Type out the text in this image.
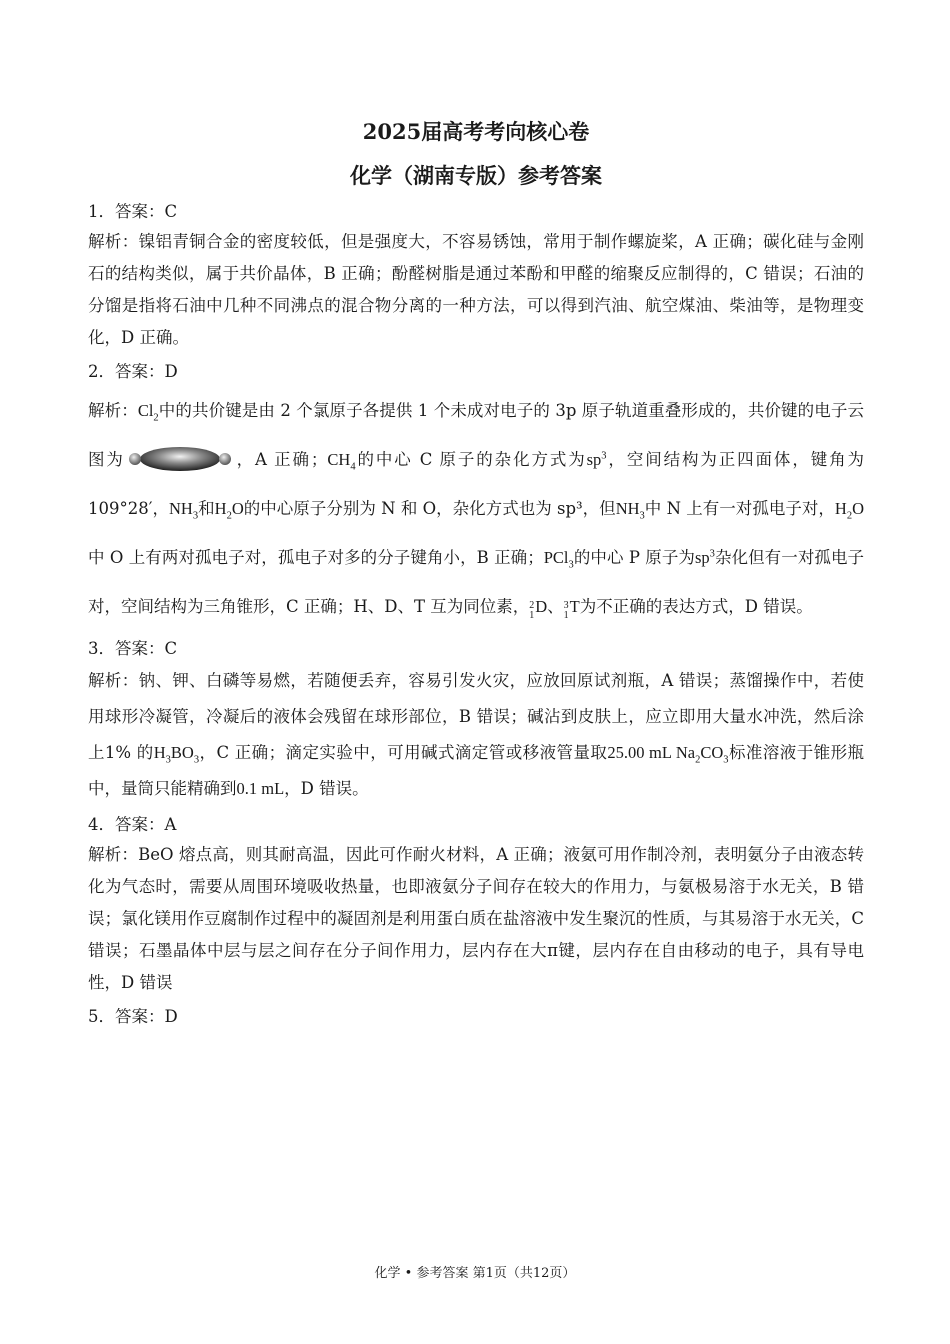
2025届高考考向核心卷
化学（湖南专版）参考答案
1．答案：C

解析：镍铝青铜合金的密度较低，但是强度大，不容易锈蚀，常用于制作螺旋桨，A 正确；碳化硅与金刚石的结构类似，属于共价晶体，B 正确；酚醛树脂是通过苯酚和甲醛的缩聚反应制得的，C 错误；石油的分馏是指将石油中几种不同沸点的混合物分离的一种方法，可以得到汽油、航空煤油、柴油等，是物理变化，D 正确。

2．答案：D

解析：$Cl_2$中的共价键是由 2 个氯原子各提供 1 个未成对电子的 3p 原子轨道重叠形成的，共价键的电子云图为	，A 正确；$CH_4$的中心 C 原子的杂化方式为$sp^3$，空间结构为正四面体，键角为 109°28′，$NH_3$和$H_2O$的中心原子分别为 N 和 O，杂化方式也为 sp³，但$NH_3$中 N 上有一对孤电子对，$H_2O$中 O 上有两对孤电子对，孤电子对多的分子键角小，B 正确；PCl$_3$的中心 P 原子为$sp^3$杂化但有一对孤电子对，空间结构为三角锥形，C 正确；H、D、T 互为同位素， 2
1 D、 3
1 T为不正确的表达方式，D 错误。

3．答案：C

解析：钠、钾、白磷等易燃，若随便丢弃，容易引发火灾，应放回原试剂瓶，A 错误；蒸馏操作中，若使用球形冷凝管，冷凝后的液体会残留在球形部位，B 错误；碱沾到皮肤上，应立即用大量水冲洗，然后涂上1% 的$H_3BO_3$，C 正确；滴定实验中，可用碱式滴定管或移液管量取25.00 mL $Na_2CO_3$标准溶液于锥形瓶中，量筒只能精确到0.1 mL，D 错误。

4．答案：A

解析：BeO 熔点高，则其耐高温，因此可作耐火材料，A 正确；液氨可用作制冷剂，表明氨分子由液态转化为气态时，需要从周围环境吸收热量，也即液氨分子间存在较大的作用力，与氨极易溶于水无关，B 错误；氯化镁用作豆腐制作过程中的凝固剂是利用蛋白质在盐溶液中发生聚沉的性质，与其易溶于水无关，C 错误；石墨晶体中层与层之间存在分子间作用力，层内存在大π键，层内存在自由移动的电子，具有导电性，D 错误

5．答案：D
化学 • 参考答案 第1页（共12页）
